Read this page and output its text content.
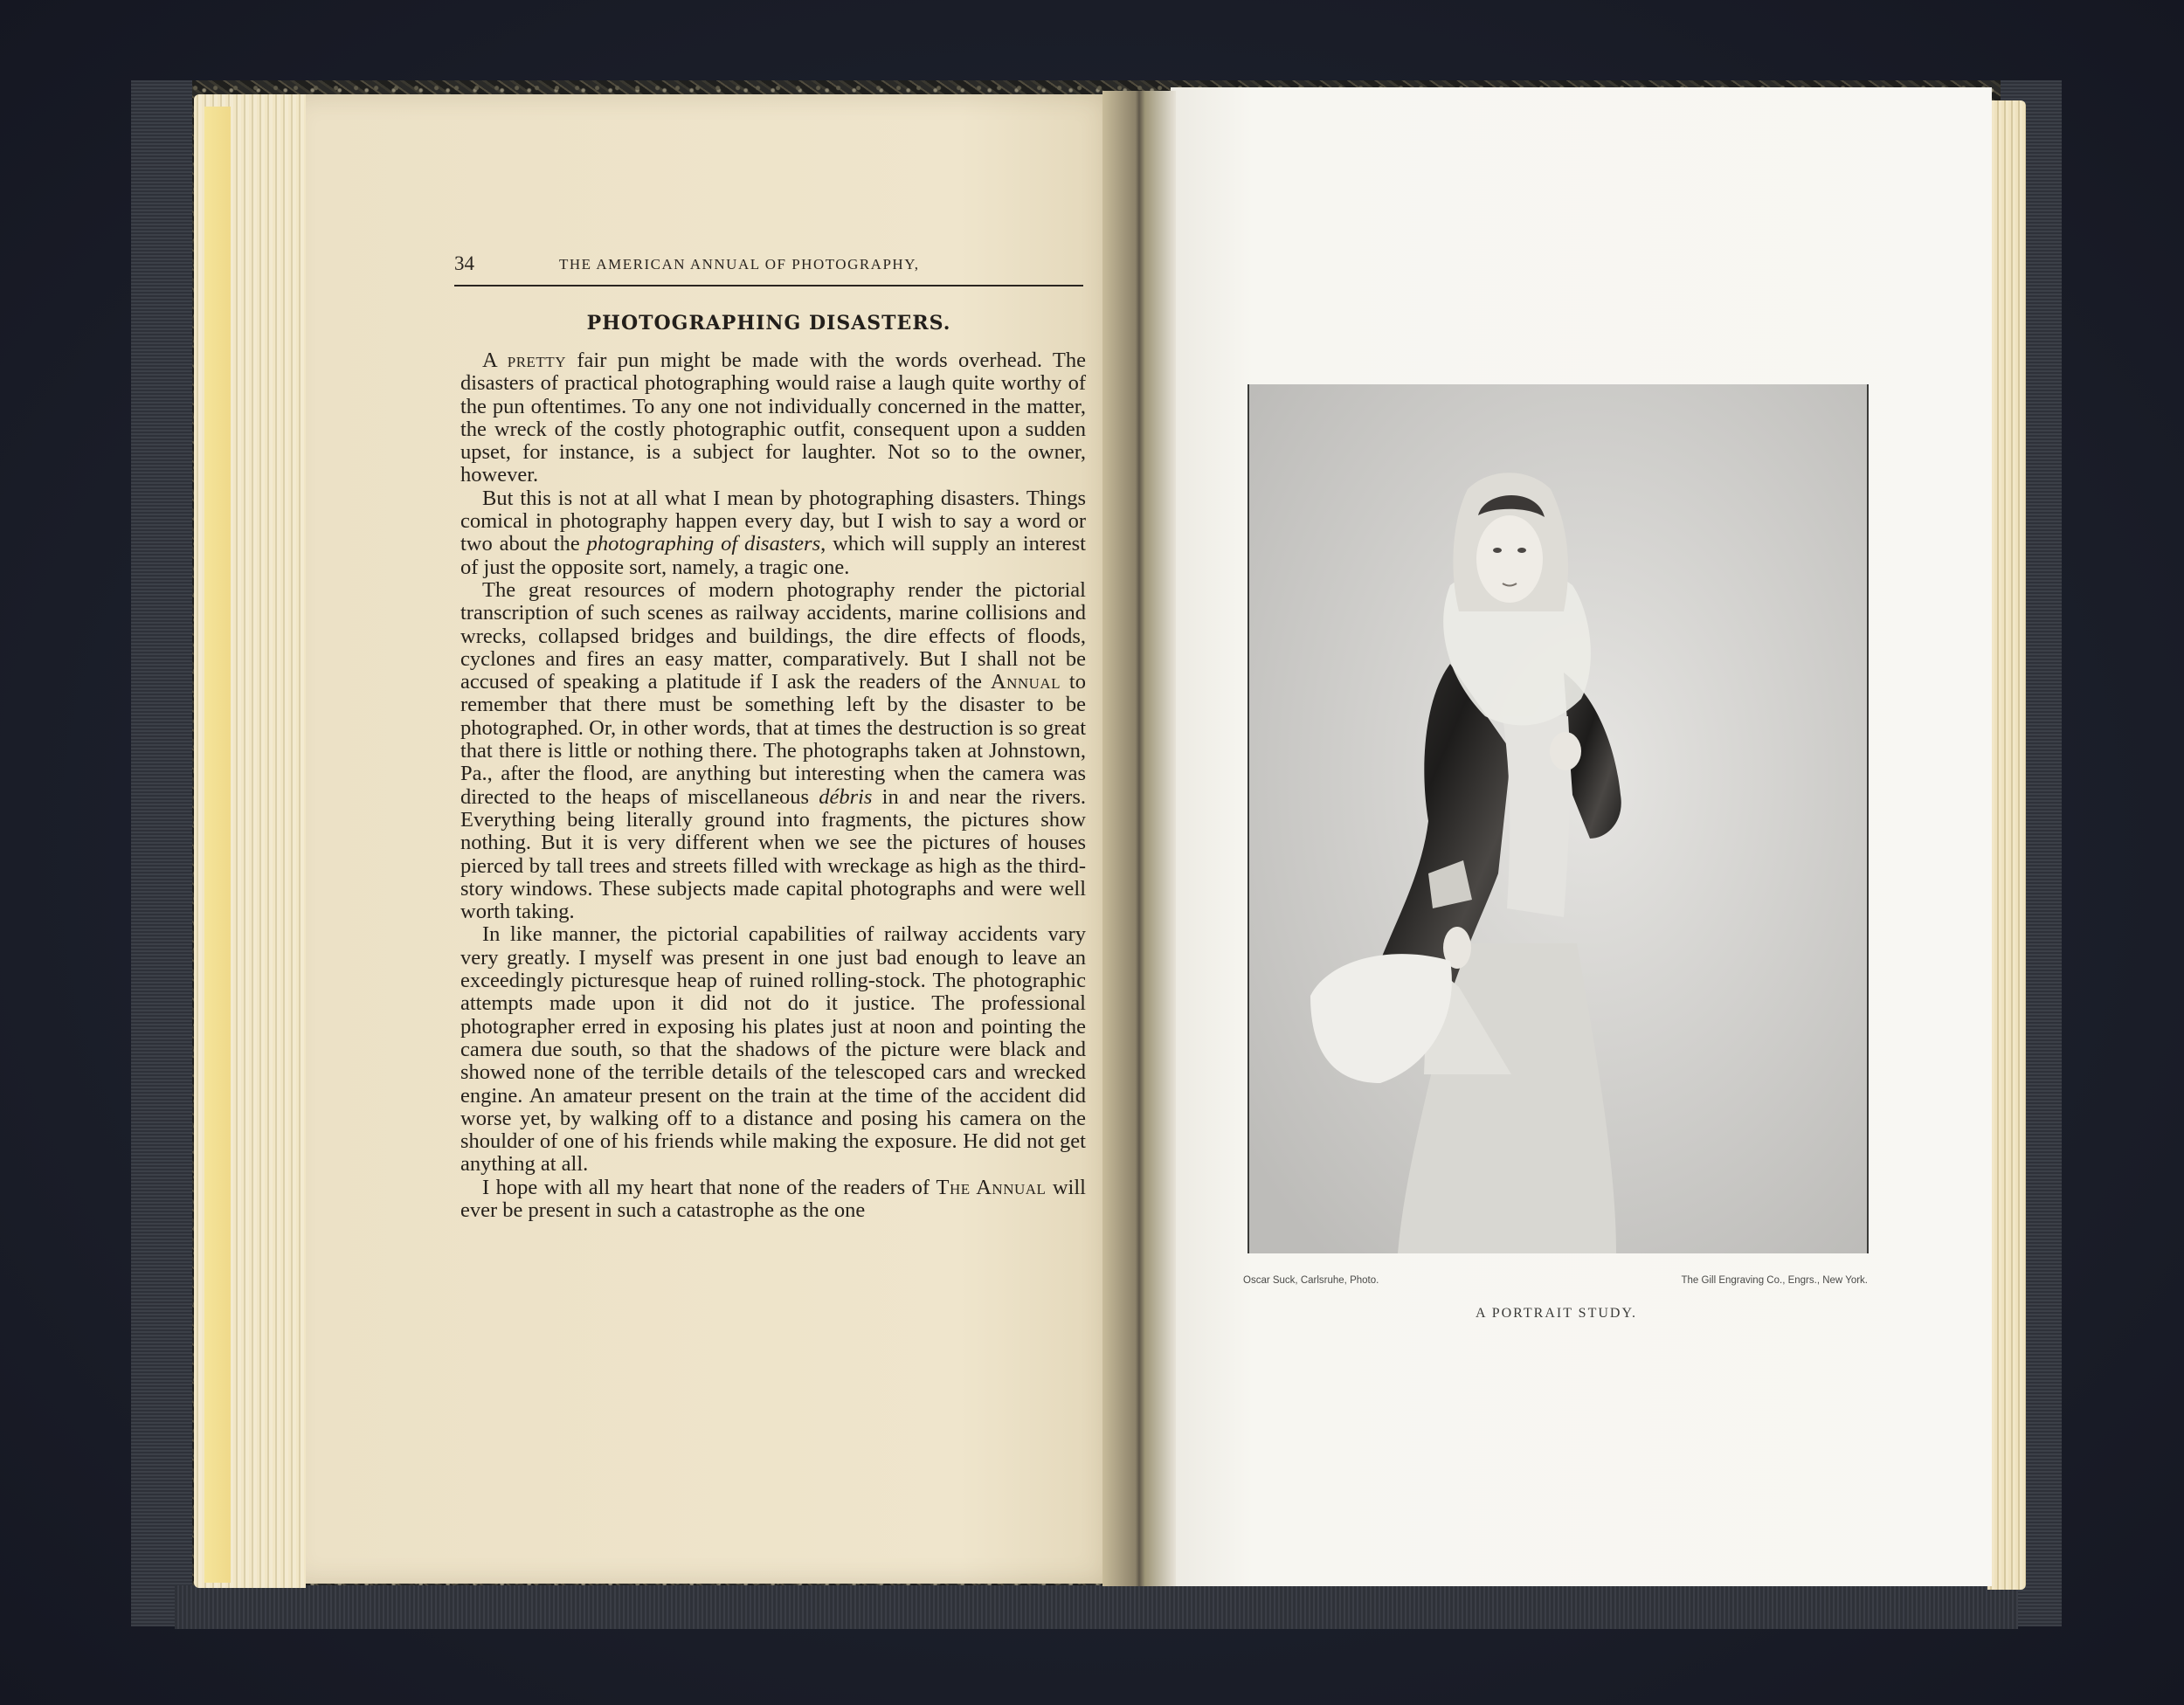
34	THE AMERICAN ANNUAL OF PHOTOGRAPHY,
PHOTOGRAPHING DISASTERS.

A pretty fair pun might be made with the words overhead. The disasters of practical photographing would raise a laugh quite worthy of the pun oftentimes. To any one not individually concerned in the matter, the wreck of the costly photographic outfit, consequent upon a sudden upset, for instance, is a subject for laughter. Not so to the owner, however.

But this is not at all what I mean by photographing disasters. Things comical in photography happen every day, but I wish to say a word or two about the photographing of disasters, which will supply an interest of just the opposite sort, namely, a tragic one.

The great resources of modern photography render the pictorial transcription of such scenes as railway accidents, marine collisions and wrecks, collapsed bridges and buildings, the dire effects of floods, cyclones and fires an easy matter, comparatively. But I shall not be accused of speaking a platitude if I ask the readers of the Annual to remember that there must be something left by the disaster to be photographed. Or, in other words, that at times the destruction is so great that there is little or nothing there. The photographs taken at Johnstown, Pa., after the flood, are anything but interesting when the camera was directed to the heaps of miscellaneous débris in and near the rivers. Everything being literally ground into fragments, the pictures show nothing. But it is very different when we see the pictures of houses pierced by tall trees and streets filled with wreckage as high as the third-story windows. These subjects made capital photographs and were well worth taking.

In like manner, the pictorial capabilities of railway accidents vary very greatly. I myself was present in one just bad enough to leave an exceedingly picturesque heap of ruined rolling-stock. The photographic attempts made upon it did not do it justice. The professional photographer erred in exposing his plates just at noon and pointing the camera due south, so that the shadows of the picture were black and showed none of the terrible details of the telescoped cars and wrecked engine. An amateur present on the train at the time of the accident did worse yet, by walking off to a distance and posing his camera on the shoulder of one of his friends while making the exposure. He did not get anything at all.

I hope with all my heart that none of the readers of The Annual will ever be present in such a catastrophe as the one

Oscar Suck, Carlsruhe, Photo.	The Gill Engraving Co., Engrs., New York.
A PORTRAIT STUDY.
